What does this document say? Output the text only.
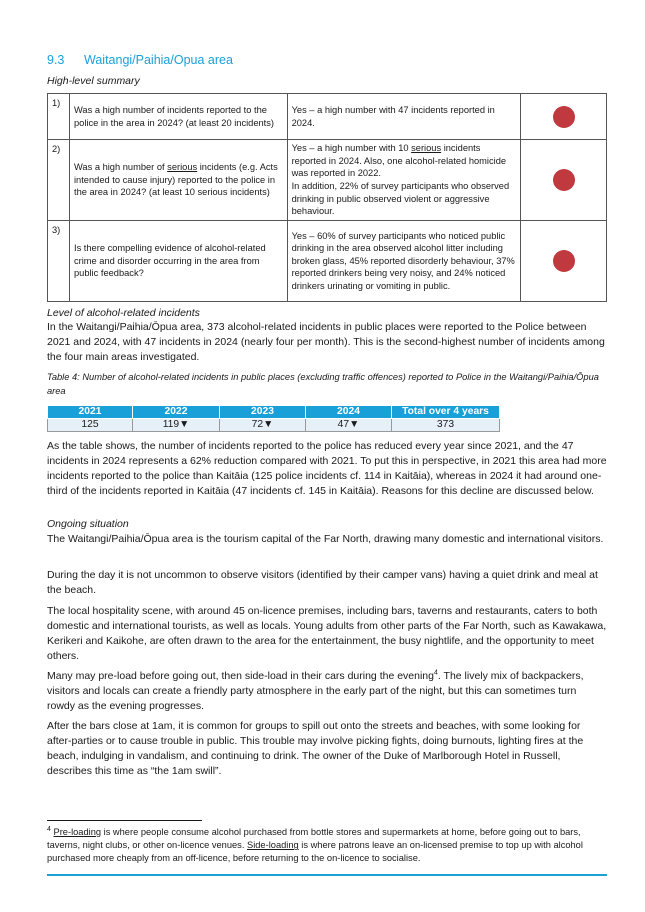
9.3 Waitangi/Paihia/Opua area
High-level summary
1)	Was a high number of incidents reported to the police in the area in 2024? (at least 20 incidents)	Yes – a high number with 47 incidents reported in 2024.	
2)	Was a high number of serious incidents (e.g. Acts intended to cause injury) reported to the police in the area in 2024? (at least 10 serious incidents)	Yes – a high number with 10 serious incidents reported in 2024. Also, one alcohol-related homicide was reported in 2022.
In addition, 22% of survey participants who observed drinking in public observed violent or aggressive behaviour.	
3)	Is there compelling evidence of alcohol-related crime and disorder occurring in the area from public feedback?	Yes – 60% of survey participants who noticed public drinking in the area observed alcohol litter including broken glass, 45% reported disorderly behaviour, 37% reported drinkers being very noisy, and 24% noticed drinkers urinating or vomiting in public.	
Level of alcohol-related incidents
In the Waitangi/Paihia/Ōpua area, 373 alcohol-related incidents in public places were reported to the Police between 2021 and 2024, with 47 incidents in 2024 (nearly four per month). This is the second-highest number of incidents among the four main areas investigated.
Table 4: Number of alcohol-related incidents in public places (excluding traffic offences) reported to Police in the Waitangi/Paihia/Ōpua area
2021	2022	2023	2024	Total over 4 years
125	119▼	72▼	47▼	373
As the table shows, the number of incidents reported to the police has reduced every year since 2021, and the 47 incidents in 2024 represents a 62% reduction compared with 2021. To put this in perspective, in 2021 this area had more incidents reported to the police than Kaitāia (125 police incidents cf. 114 in Kaitāia), whereas in 2024 it had around one-third of the incidents reported in Kaitāia (47 incidents cf. 145 in Kaitāia). Reasons for this decline are discussed below.
Ongoing situation
The Waitangi/Paihia/Ōpua area is the tourism capital of the Far North, drawing many domestic and international visitors.
During the day it is not uncommon to observe visitors (identified by their camper vans) having a quiet drink and meal at the beach.
The local hospitality scene, with around 45 on-licence premises, including bars, taverns and restaurants, caters to both domestic and international tourists, as well as locals. Young adults from other parts of the Far North, such as Kawakawa, Kerikeri and Kaikohe, are often drawn to the area for the entertainment, the busy nightlife, and the opportunity to meet others.
Many may pre-load before going out, then side-load in their cars during the evening$^4$. The lively mix of backpackers, visitors and locals can create a friendly party atmosphere in the early part of the night, but this can sometimes turn rowdy as the evening progresses.
After the bars close at 1am, it is common for groups to spill out onto the streets and beaches, with some looking for after-parties or to cause trouble in public. This trouble may involve picking fights, doing burnouts, lighting fires at the beach, indulging in vandalism, and continuing to drink. The owner of the Duke of Marlborough Hotel in Russell, describes this time as “the 1am swill”.
$^4$ Pre-loading is where people consume alcohol purchased from bottle stores and supermarkets at home, before going out to bars, taverns, night clubs, or other on-licence venues. Side-loading is where patrons leave an on-licensed premise to top up with alcohol purchased more cheaply from an off-licence, before returning to the on-licence to socialise.
